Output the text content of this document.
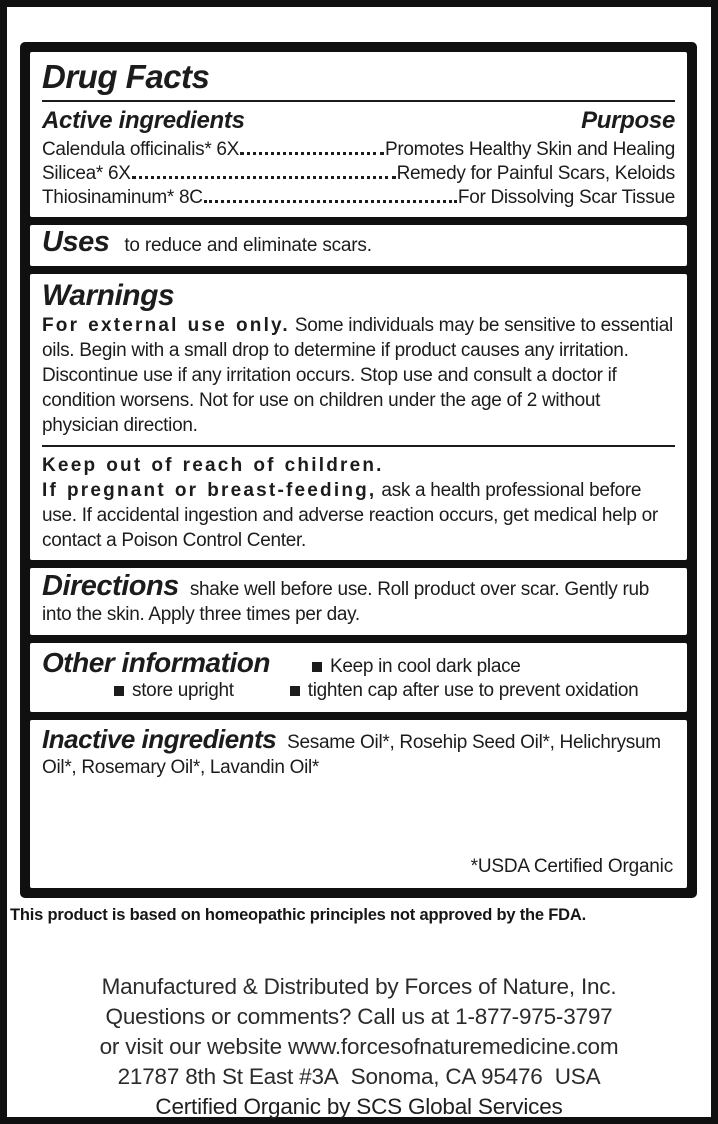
Drug Facts
Active ingredients	Purpose
Calendula officinalis* 6X	Promotes Healthy Skin and Healing
Silicea* 6X	Remedy for Painful Scars, Keloids
Thiosinaminum* 8C	For Dissolving Scar Tissue
Uses to reduce and eliminate scars.
Warnings

For external use only. Some individuals may be sensitive to essential oils. Begin with a small drop to determine if product causes any irritation. Discontinue use if any irritation occurs. Stop use and consult a doctor if condition worsens. Not for use on children under the age of 2 without physician direction.

Keep out of reach of children.

If pregnant or breast-feeding, ask a health professional before use. If accidental ingestion and adverse reaction occurs, get medical help or contact a Poison Control Center.

Directions shake well before use. Roll product over scar. Gently rub into the skin. Apply three times per day.

Other information	Keep in cool dark place
store upright	tighten cap after use to prevent oxidation

Inactive ingredients Sesame Oil*, Rosehip Seed Oil*, Helichrysum Oil*, Rosemary Oil*, Lavandin Oil*

*USDA Certified Organic

This product is based on homeopathic principles not approved by the FDA.

Manufactured & Distributed by Forces of Nature, Inc.

Questions or comments? Call us at 1-877-975-3797

or visit our website www.forcesofnaturemedicine.com

21787 8th St East #3A  Sonoma, CA 95476  USA

Certified Organic by SCS Global Services
